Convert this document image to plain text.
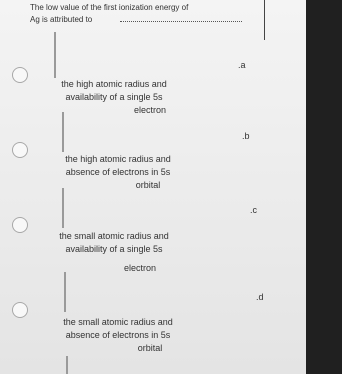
The low value of the first ionization energy of
Ag is attributed to
.a
the high atomic radius and
availability of a single 5s
electron
.b
the high atomic radius and
absence of electrons in 5s
orbital
.c
the small atomic radius and
availability of a single 5s
electron
.d
the small atomic radius and
absence of electrons in 5s
orbital
